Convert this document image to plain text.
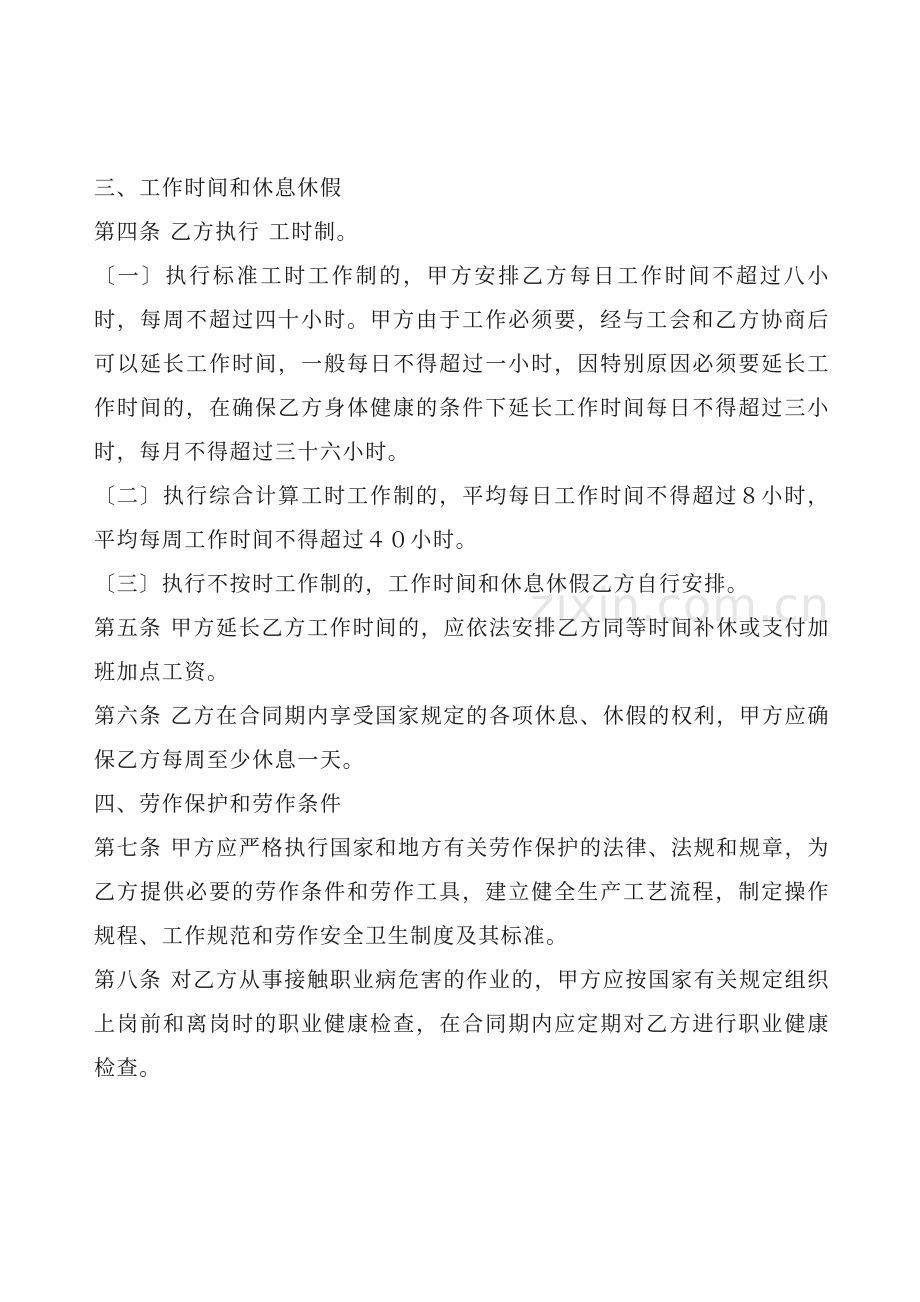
zixin.com.cn

三、工作时间和休息休假

第四条 乙方执行 工时制。

〔一〕执行标准工时工作制的，甲方安排乙方每日工作时间不超过八小时，每周不超过四十小时。甲方由于工作必须要，经与工会和乙方协商后可以延长工作时间，一般每日不得超过一小时，因特别原因必须要延长工作时间的，在确保乙方身体健康的条件下延长工作时间每日不得超过三小时，每月不得超过三十六小时。

〔二〕执行综合计算工时工作制的，平均每日工作时间不得超过８小时，平均每周工作时间不得超过４０小时。

〔三〕执行不按时工作制的，工作时间和休息休假乙方自行安排。

第五条 甲方延长乙方工作时间的，应依法安排乙方同等时间补休或支付加班加点工资。

第六条 乙方在合同期内享受国家规定的各项休息、休假的权利，甲方应确保乙方每周至少休息一天。

四、劳作保护和劳作条件

第七条 甲方应严格执行国家和地方有关劳作保护的法律、法规和规章，为乙方提供必要的劳作条件和劳作工具，建立健全生产工艺流程，制定操作规程、工作规范和劳作安全卫生制度及其标准。

第八条 对乙方从事接触职业病危害的作业的，甲方应按国家有关规定组织上岗前和离岗时的职业健康检查，在合同期内应定期对乙方进行职业健康检查。
